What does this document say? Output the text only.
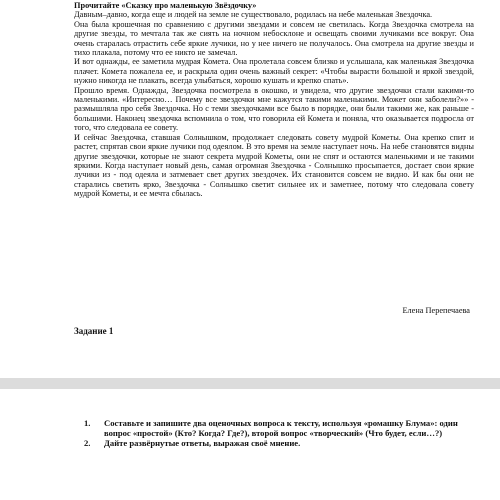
Прочитайте «Сказку про маленькую Звёздочку»

Давным–давно, когда еще и людей на земле не существовало, родилась на небе маленькая Звездочка.

Она была крошечная по сравнению с другими звездами и совсем не светилась. Когда Звездочка смотрела на другие звезды, то мечтала так же сиять на ночном небосклоне и освещать своими лучиками все вокруг. Она очень старалась отрастить себе яркие лучики, но у нее ничего не получалось. Она смотрела на другие звезды и тихо плакала, потому что ее никто не замечал.

И вот однажды, ее заметила мудрая Комета. Она пролетала совсем близко и услышала, как маленькая Звездочка плачет. Комета пожалела ее, и раскрыла один очень важный секрет: «Чтобы вырасти большой и яркой звездой, нужно никогда не плакать, всегда улыбаться, хорошо кушать и крепко спать».

Прошло время. Однажды, Звездочка посмотрела в окошко, и увидела, что другие звездочки стали какими-то маленькими. «Интересно… Почему все звездочки мне кажутся такими маленькими. Может они заболели?»» - размышляла про себя Звездочка. Но с теми звездочками все было в порядке, они были такими же, как раньше - большими. Наконец звездочка вспомнила о том, что говорила ей Комета и поняла, что оказывается подросла от того, что следовала ее совету.

И сейчас Звездочка, ставшая Солнышком, продолжает следовать совету мудрой Кометы. Она крепко спит и растет, спрятав свои яркие лучики под одеялом. В это время на земле наступает ночь. На небе становятся видны другие звездочки, которые не знают секрета мудрой Кометы, они не спят и остаются маленькими и не такими яркими. Когда наступает новый день, самая огромная Звездочка - Солнышко просыпается, достает свои яркие лучики из - под одеяла и затмевает свет других звездочек. Их становится совсем не видно. И как бы они не старались светить ярко, Звездочка - Солнышко светит сильнее их и заметнее, потому что следовала совету мудрой Кометы, и ее мечта сбылась.

Елена Перепечаева
Задание 1
1. Составьте и запишите два оценочных вопроса к тексту, используя «ромашку Блума»: один вопрос «простой» (Кто? Когда? Где?), второй вопрос «творческий» (Что будет, если…?)
2. Дайте развёрнутые ответы, выражая своё мнение.
